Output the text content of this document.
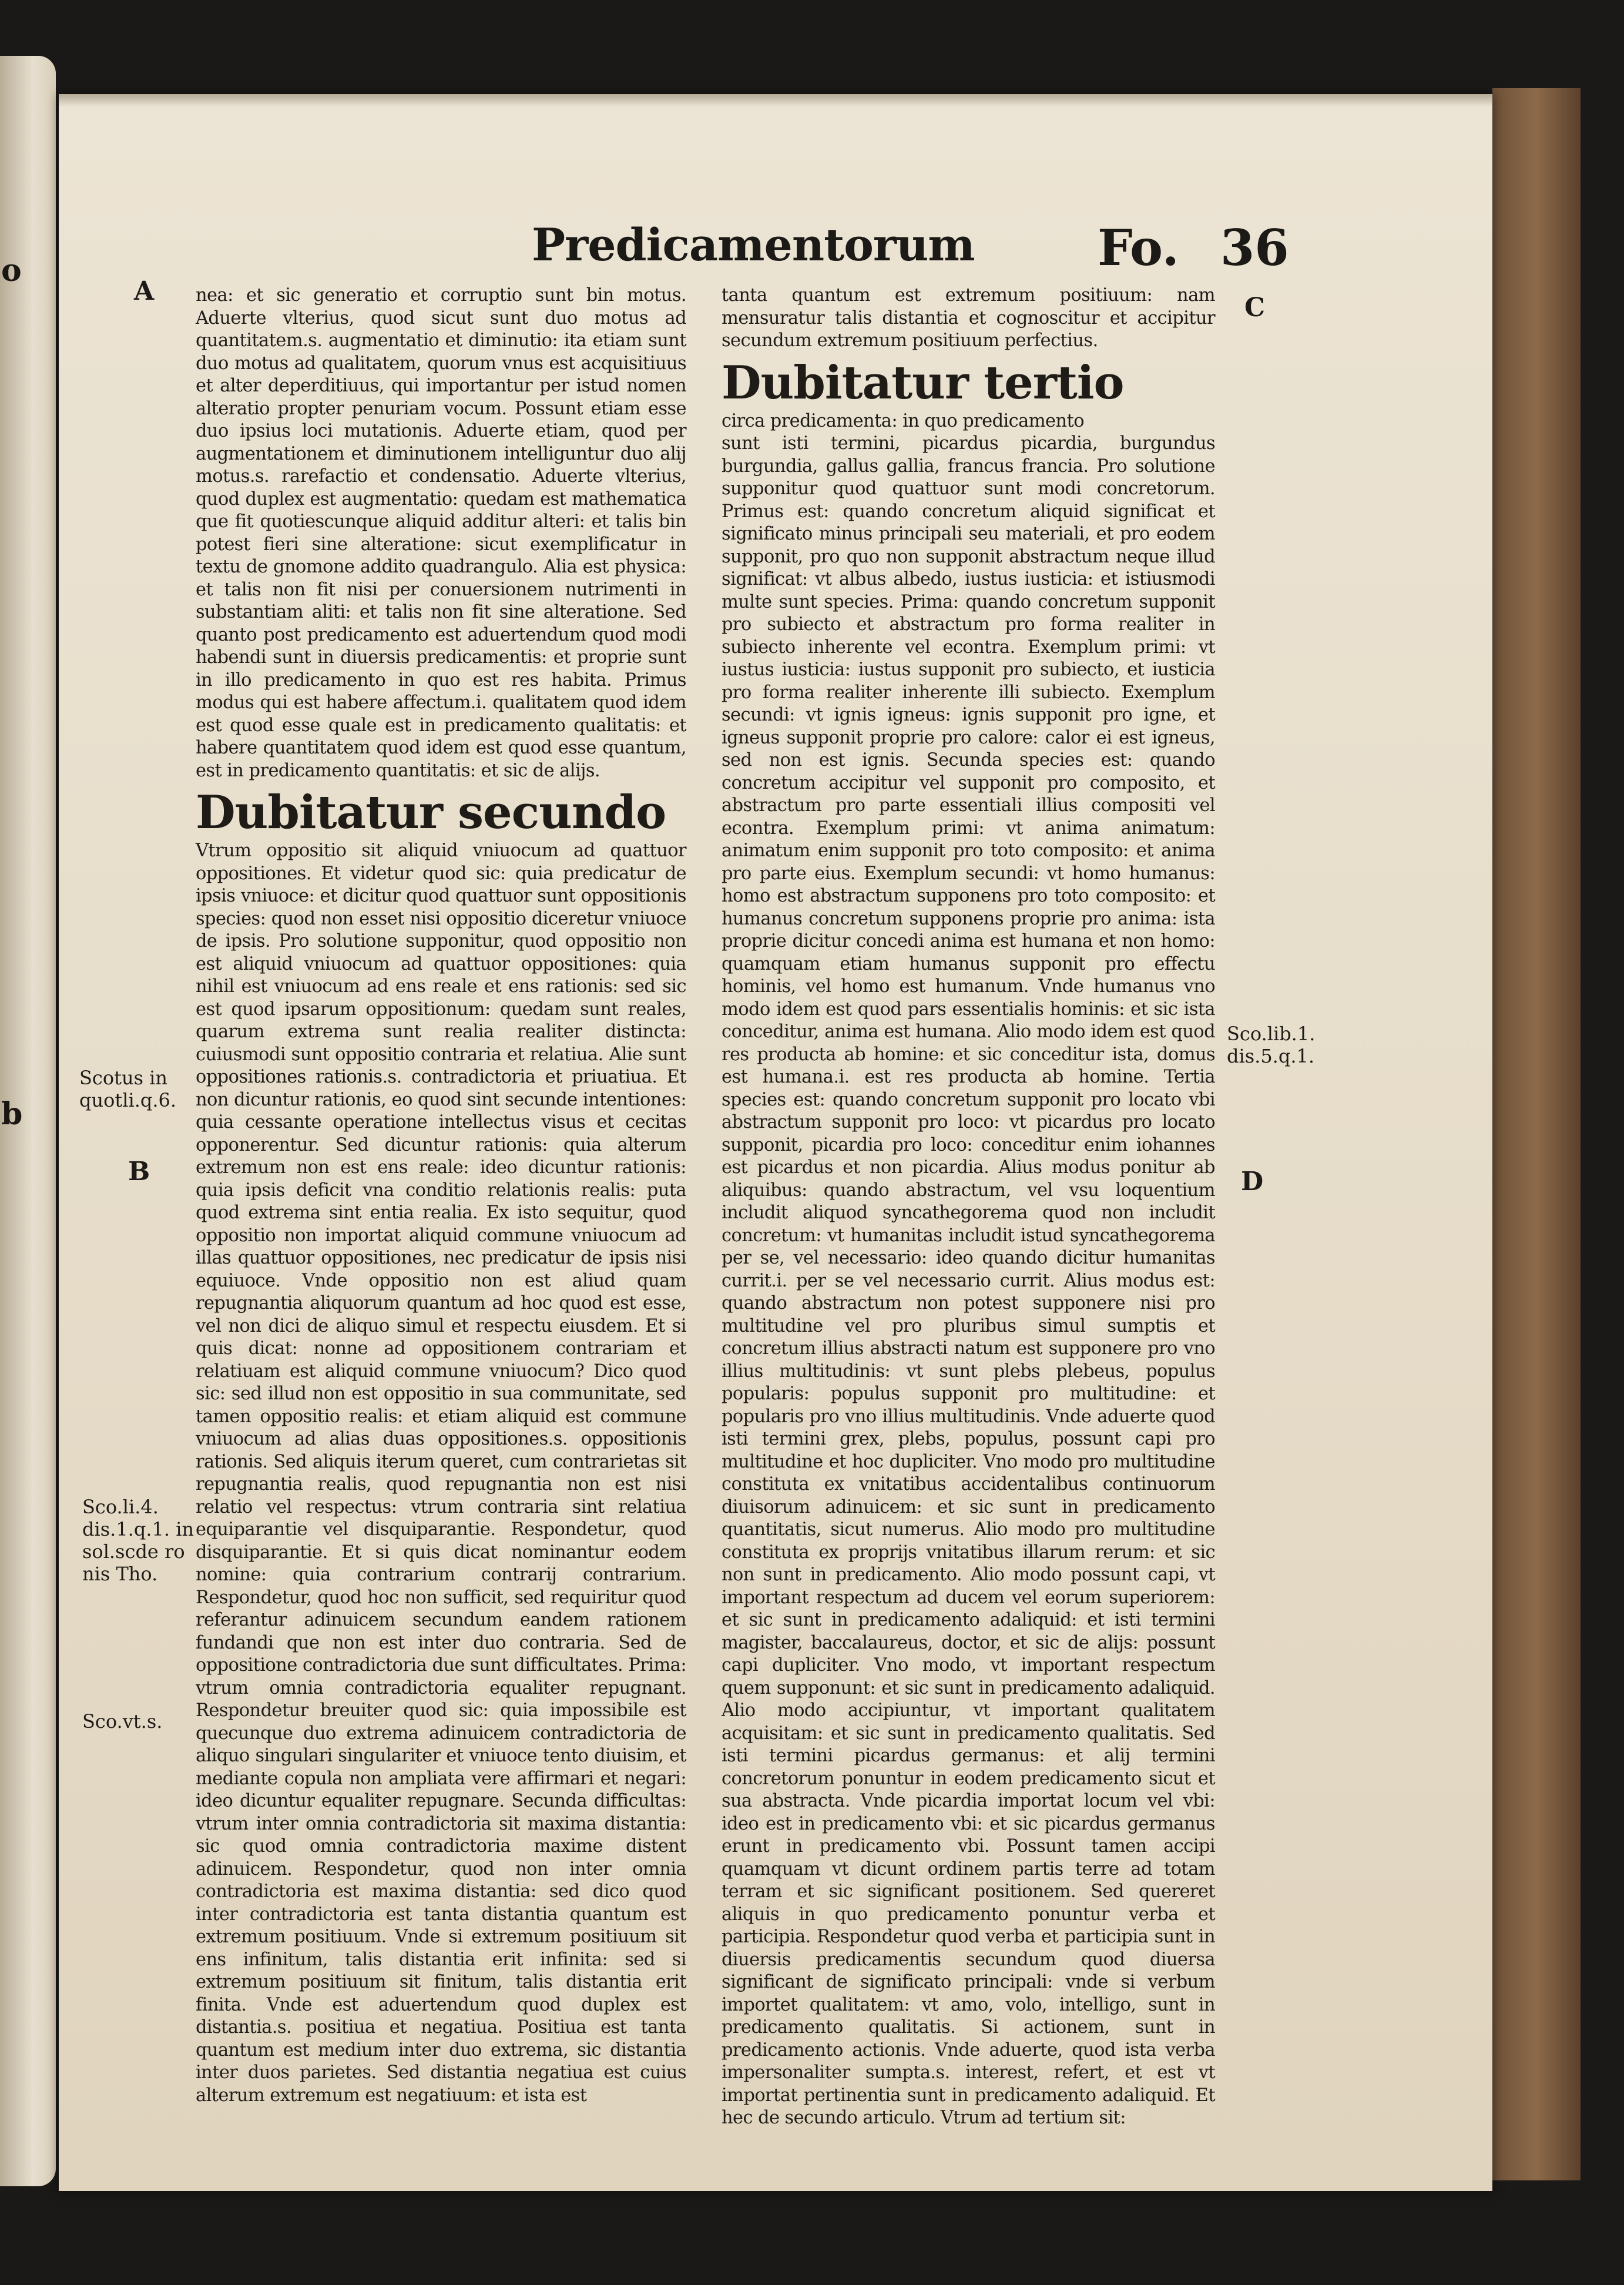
o
b
Predicamentorum Fo. 36
A
B
C
D
Scotus in
quotli.q.6.
Sco.li.4.
dis.1.q.1. in
sol.scde ro
nis Tho.
Sco.vt.s.
Sco.lib.1.
dis.5.q.1.

nea: et sic generatio et corruptio sunt bin motus. Aduerte vlterius, quod sicut sunt duo motus ad quantitatem.s. augmentatio et diminutio: ita etiam sunt duo motus ad qualitatem, quorum vnus est acquisitiuus et alter deperditiuus, qui importantur per istud nomen alteratio propter penuriam vocum. Possunt etiam esse duo ipsius loci mutationis. Aduerte etiam, quod per augmentationem et diminutionem intelliguntur duo alij motus.s. rarefactio et condensatio. Aduerte vlterius, quod duplex est augmentatio: quedam est mathematica que fit quotiescunque aliquid additur alteri: et talis bin potest fieri sine alteratione: sicut exemplificatur in textu de gnomone addito quadrangulo. Alia est physica: et talis non fit nisi per conuersionem nutrimenti in substantiam aliti: et talis non fit sine alteratione. Sed quanto post predicamento est aduertendum quod modi habendi sunt in diuersis predicamentis: et proprie sunt in illo predicamento in quo est res habita. Primus modus qui est habere affectum.i. qualitatem quod idem est quod esse quale est in predicamento qualitatis: et habere quantitatem quod idem est quod esse quantum, est in predicamento quantitatis: et sic de alijs.

Dubitatur secundo

Vtrum oppositio sit aliquid vniuocum ad quattuor oppositiones. Et videtur quod sic: quia predicatur de ipsis vniuoce: et dicitur quod quattuor sunt oppositionis species: quod non esset nisi oppositio diceretur vniuoce de ipsis. Pro solutione supponitur, quod oppositio non est aliquid vniuocum ad quattuor oppositiones: quia nihil est vniuocum ad ens reale et ens rationis: sed sic est quod ipsarum oppositionum: quedam sunt reales, quarum extrema sunt realia realiter distincta: cuiusmodi sunt oppositio contraria et relatiua. Alie sunt oppositiones rationis.s. contradictoria et priuatiua. Et non dicuntur rationis, eo quod sint secunde intentiones: quia cessante operatione intellectus visus et cecitas opponerentur. Sed dicuntur rationis: quia alterum extremum non est ens reale: ideo dicuntur rationis: quia ipsis deficit vna conditio relationis realis: puta quod extrema sint entia realia. Ex isto sequitur, quod oppositio non importat aliquid commune vniuocum ad illas quattuor oppositiones, nec predicatur de ipsis nisi equiuoce. Vnde oppositio non est aliud quam repugnantia aliquorum quantum ad hoc quod est esse, vel non dici de aliquo simul et respectu eiusdem. Et si quis dicat: nonne ad oppositionem contrariam et relatiuam est aliquid commune vniuocum? Dico quod sic: sed illud non est oppositio in sua communitate, sed tamen oppositio realis: et etiam aliquid est commune vniuocum ad alias duas oppositiones.s. oppositionis rationis. Sed aliquis iterum queret, cum contrarietas sit repugnantia realis, quod repugnantia non est nisi relatio vel respectus: vtrum contraria sint relatiua equiparantie vel disquiparantie. Respondetur, quod disquiparantie. Et si quis dicat nominantur eodem nomine: quia contrarium contrarij contrarium. Respondetur, quod hoc non sufficit, sed requiritur quod referantur adinuicem secundum eandem rationem fundandi que non est inter duo contraria. Sed de oppositione contradictoria due sunt difficultates. Prima: vtrum omnia contradictoria equaliter repugnant. Respondetur breuiter quod sic: quia impossibile est quecunque duo extrema adinuicem contradictoria de aliquo singulari singulariter et vniuoce tento diuisim, et mediante copula non ampliata vere affirmari et negari: ideo dicuntur equaliter repugnare. Secunda difficultas: vtrum inter omnia contradictoria sit maxima distantia: sic quod omnia contradictoria maxime distent adinuicem. Respondetur, quod non inter omnia contradictoria est maxima distantia: sed dico quod inter contradictoria est tanta distantia quantum est extremum positiuum. Vnde si extremum positiuum sit ens infinitum, talis distantia erit infinita: sed si extremum positiuum sit finitum, talis distantia erit finita. Vnde est aduertendum quod duplex est distantia.s. positiua et negatiua. Positiua est tanta quantum est medium inter duo extrema, sic distantia inter duos parietes. Sed distantia negatiua est cuius alterum extremum est negatiuum: et ista est

tanta quantum est extremum positiuum: nam mensuratur talis distantia et cognoscitur et accipitur secundum extremum positiuum perfectius.

Dubitatur tertio

circa predicamenta: in quo predicamento

sunt isti termini, picardus picardia, burgundus burgundia, gallus gallia, francus francia. Pro solutione supponitur quod quattuor sunt modi concretorum. Primus est: quando concretum aliquid significat et significato minus principali seu materiali, et pro eodem supponit, pro quo non supponit abstractum neque illud significat: vt albus albedo, iustus iusticia: et istiusmodi multe sunt species. Prima: quando concretum supponit pro subiecto et abstractum pro forma realiter in subiecto inherente vel econtra. Exemplum primi: vt iustus iusticia: iustus supponit pro subiecto, et iusticia pro forma realiter inherente illi subiecto. Exemplum secundi: vt ignis igneus: ignis supponit pro igne, et igneus supponit proprie pro calore: calor ei est igneus, sed non est ignis. Secunda species est: quando concretum accipitur vel supponit pro composito, et abstractum pro parte essentiali illius compositi vel econtra. Exemplum primi: vt anima animatum: animatum enim supponit pro toto composito: et anima pro parte eius. Exemplum secundi: vt homo humanus: homo est abstractum supponens pro toto composito: et humanus concretum supponens proprie pro anima: ista proprie dicitur concedi anima est humana et non homo: quamquam etiam humanus supponit pro effectu hominis, vel homo est humanum. Vnde humanus vno modo idem est quod pars essentialis hominis: et sic ista conceditur, anima est humana. Alio modo idem est quod res producta ab homine: et sic conceditur ista, domus est humana.i. est res producta ab homine. Tertia species est: quando concretum supponit pro locato vbi abstractum supponit pro loco: vt picardus pro locato supponit, picardia pro loco: conceditur enim iohannes est picardus et non picardia. Alius modus ponitur ab aliquibus: quando abstractum, vel vsu loquentium includit aliquod syncathegorema quod non includit concretum: vt humanitas includit istud syncathegorema per se, vel necessario: ideo quando dicitur humanitas currit.i. per se vel necessario currit. Alius modus est: quando abstractum non potest supponere nisi pro multitudine vel pro pluribus simul sumptis et concretum illius abstracti natum est supponere pro vno illius multitudinis: vt sunt plebs plebeus, populus popularis: populus supponit pro multitudine: et popularis pro vno illius multitudinis. Vnde aduerte quod isti termini grex, plebs, populus, possunt capi pro multitudine et hoc dupliciter. Vno modo pro multitudine constituta ex vnitatibus accidentalibus continuorum diuisorum adinuicem: et sic sunt in predicamento quantitatis, sicut numerus. Alio modo pro multitudine constituta ex proprijs vnitatibus illarum rerum: et sic non sunt in predicamento. Alio modo possunt capi, vt important respectum ad ducem vel eorum superiorem: et sic sunt in predicamento adaliquid: et isti termini magister, baccalaureus, doctor, et sic de alijs: possunt capi dupliciter. Vno modo, vt important respectum quem supponunt: et sic sunt in predicamento adaliquid. Alio modo accipiuntur, vt important qualitatem acquisitam: et sic sunt in predicamento qualitatis. Sed isti termini picardus germanus: et alij termini concretorum ponuntur in eodem predicamento sicut et sua abstracta. Vnde picardia importat locum vel vbi: ideo est in predicamento vbi: et sic picardus germanus erunt in predicamento vbi. Possunt tamen accipi quamquam vt dicunt ordinem partis terre ad totam terram et sic significant positionem. Sed quereret aliquis in quo predicamento ponuntur verba et participia. Respondetur quod verba et participia sunt in diuersis predicamentis secundum quod diuersa significant de significato principali: vnde si verbum importet qualitatem: vt amo, volo, intelligo, sunt in predicamento qualitatis. Si actionem, sunt in predicamento actionis. Vnde aduerte, quod ista verba impersonaliter sumpta.s. interest, refert, et est vt importat pertinentia sunt in predicamento adaliquid. Et hec de secundo articulo. Vtrum ad tertium sit:
